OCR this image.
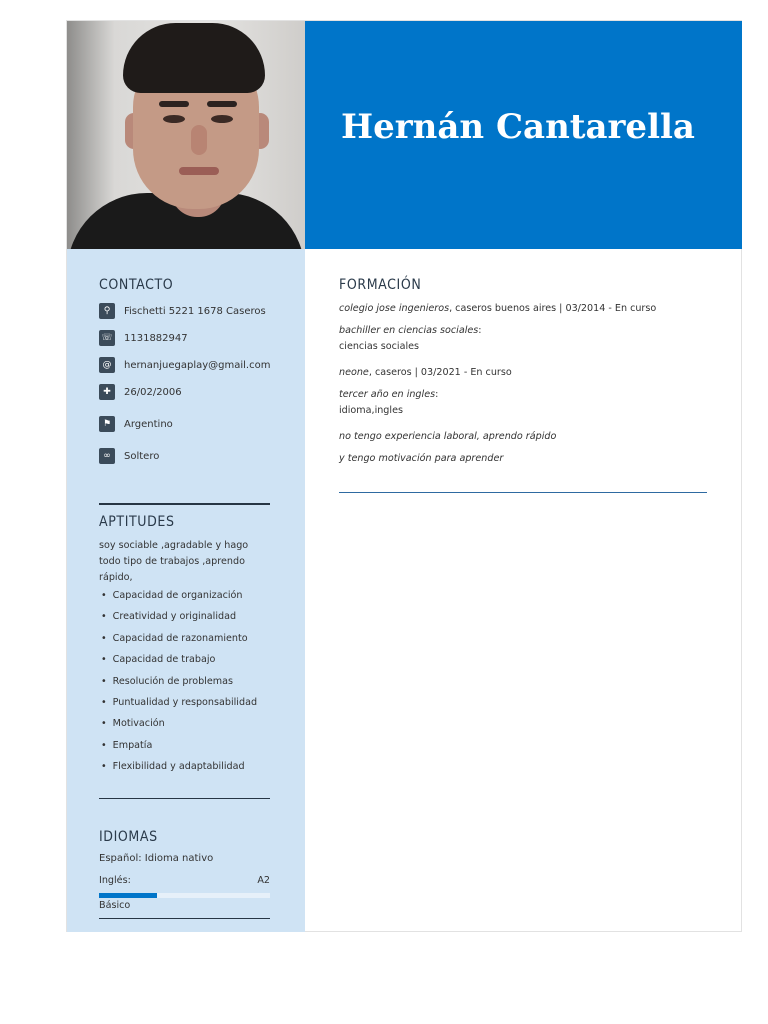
Hernán Cantarella
CONTACTO
⚲	Fischetti 5221 1678 Caseros
☏ 1131882947
@	hernanjuegaplay@gmail.com
✚	26/02/2006
⚑	Argentino
∞	Soltero
APTITUDES

soy sociable ,agradable y hago todo tipo de trabajos ,aprendo rápido,

• Capacidad de organización
• Creatividad y originalidad
• Capacidad de razonamiento
• Capacidad de trabajo
• Resolución de problemas
• Puntualidad y responsabilidad
• Motivación
• Empatía
• Flexibilidad y adaptabilidad
IDIOMAS
Español: Idioma nativo
Inglés:	A2
Básico
FORMACIÓN
colegio jose ingenieros, caseros buenos aires | 03/2014 - En curso
bachiller en ciencias sociales:
ciencias sociales
neone, caseros | 03/2021 - En curso
tercer año en ingles:
idioma,ingles
no tengo experiencia laboral, aprendo rápido
y tengo motivación para aprender
